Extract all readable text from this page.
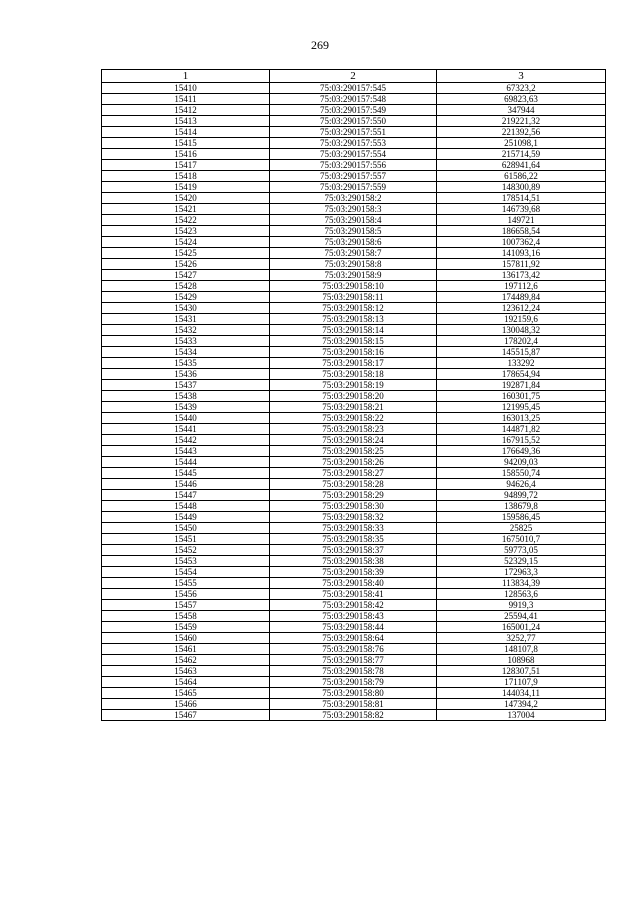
269
1	2	3
15410	75:03:290157:545	67323,2
15411	75:03:290157:548	69823,63
15412	75:03:290157:549	347944
15413	75:03:290157:550	219221,32
15414	75:03:290157:551	221392,56
15415	75:03:290157:553	251098,1
15416	75:03:290157:554	215714,59
15417	75:03:290157:556	628941,64
15418	75:03:290157:557	61586,22
15419	75:03:290157:559	148300,89
15420	75:03:290158:2	178514,51
15421	75:03:290158:3	146739,68
15422	75:03:290158:4	149721
15423	75:03:290158:5	186658,54
15424	75:03:290158:6	1007362,4
15425	75:03:290158:7	141093,16
15426	75:03:290158:8	157811,92
15427	75:03:290158:9	136173,42
15428	75:03:290158:10	197112,6
15429	75:03:290158:11	174489,84
15430	75:03:290158:12	123612,24
15431	75:03:290158:13	192159,6
15432	75:03:290158:14	130048,32
15433	75:03:290158:15	178202,4
15434	75:03:290158:16	145515,87
15435	75:03:290158:17	133292
15436	75:03:290158:18	178654,94
15437	75:03:290158:19	192871,84
15438	75:03:290158:20	160301,75
15439	75:03:290158:21	121995,45
15440	75:03:290158:22	163013,25
15441	75:03:290158:23	144871,82
15442	75:03:290158:24	167915,52
15443	75:03:290158:25	176649,36
15444	75:03:290158:26	94209,03
15445	75:03:290158:27	158550,74
15446	75:03:290158:28	94626,4
15447	75:03:290158:29	94899,72
15448	75:03:290158:30	138679,8
15449	75:03:290158:32	159586,45
15450	75:03:290158:33	25825
15451	75:03:290158:35	1675010,7
15452	75:03:290158:37	59773,05
15453	75:03:290158:38	52329,15
15454	75:03:290158:39	172963,3
15455	75:03:290158:40	113834,39
15456	75:03:290158:41	128563,6
15457	75:03:290158:42	9919,3
15458	75:03:290158:43	25594,41
15459	75:03:290158:44	165001,24
15460	75:03:290158:64	3252,77
15461	75:03:290158:76	148107,8
15462	75:03:290158:77	108968
15463	75:03:290158:78	128307,51
15464	75:03:290158:79	171107,9
15465	75:03:290158:80	144034,11
15466	75:03:290158:81	147394,2
15467	75:03:290158:82	137004
